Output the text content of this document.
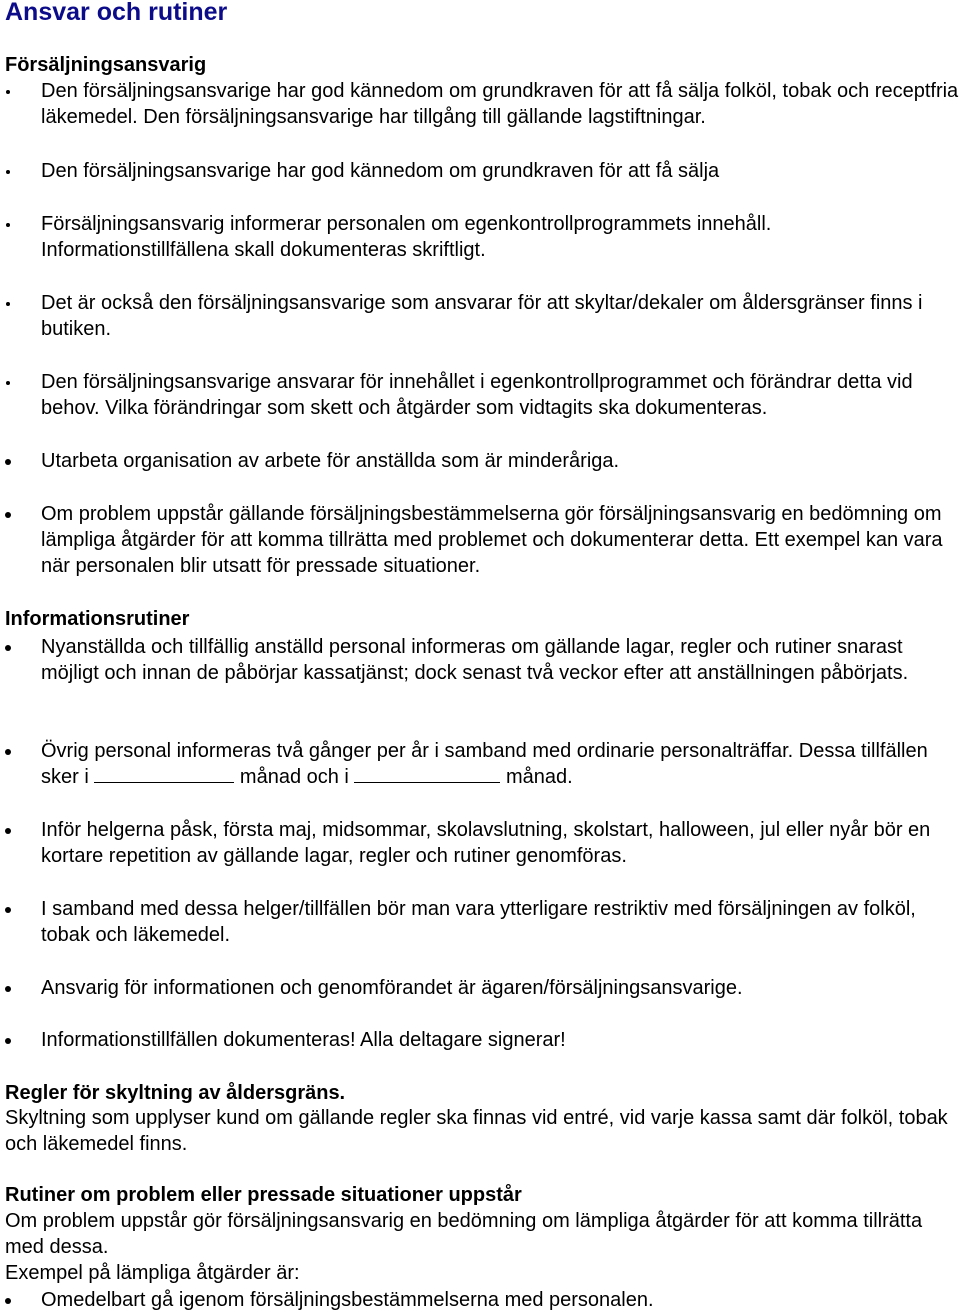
Ansvar och rutiner
Försäljningsansvarig
Den försäljningsansvarige har god kännedom om grundkraven för att få sälja folköl, tobak och receptfria läkemedel. Den försäljningsansvarige har tillgång till gällande lagstiftningar.
Den försäljningsansvarige har god kännedom om grundkraven för att få sälja
Försäljningsansvarig informerar personalen om egenkontrollprogrammets innehåll. Informationstillfällena skall dokumenteras skriftligt.
Det är också den försäljningsansvarige som ansvarar för att skyltar/dekaler om åldersgränser finns i butiken.
Den försäljningsansvarige ansvarar för innehållet i egenkontrollprogrammet och förändrar detta vid behov. Vilka förändringar som skett och åtgärder som vidtagits ska dokumenteras.
Utarbeta organisation av arbete för anställda som är minderåriga.
Om problem uppstår gällande försäljningsbestämmelserna gör försäljningsansvarig en bedömning om lämpliga åtgärder för att komma tillrätta med problemet och dokumenterar detta. Ett exempel kan vara när personalen blir utsatt för pressade situationer.
Informationsrutiner
Nyanställda och tillfällig anställd personal informeras om gällande lagar, regler och rutiner snarast möjligt och innan de påbörjar kassatjänst; dock senast två veckor efter att anställningen påbörjats.
Övrig personal informeras två gånger per år i samband med ordinarie personalträffar. Dessa tillfällen sker i	månad och i	månad.
Inför helgerna påsk, första maj, midsommar, skolavslutning, skolstart, halloween, jul eller nyår bör en kortare repetition av gällande lagar, regler och rutiner genomföras.
I samband med dessa helger/tillfällen bör man vara ytterligare restriktiv med försäljningen av folköl, tobak och läkemedel.
Ansvarig för informationen och genomförandet är ägaren/försäljningsansvarige.
Informationstillfällen dokumenteras! Alla deltagare signerar!
Regler för skyltning av åldersgräns.

Skyltning som upplyser kund om gällande regler ska finnas vid entré, vid varje kassa samt där folköl, tobak och läkemedel finns.

Rutiner om problem eller pressade situationer uppstår

Om problem uppstår gör försäljningsansvarig en bedömning om lämpliga åtgärder för att komma tillrätta med dessa.

Exempel på lämpliga åtgärder är:

Omedelbart gå igenom försäljningsbestämmelserna med personalen.
